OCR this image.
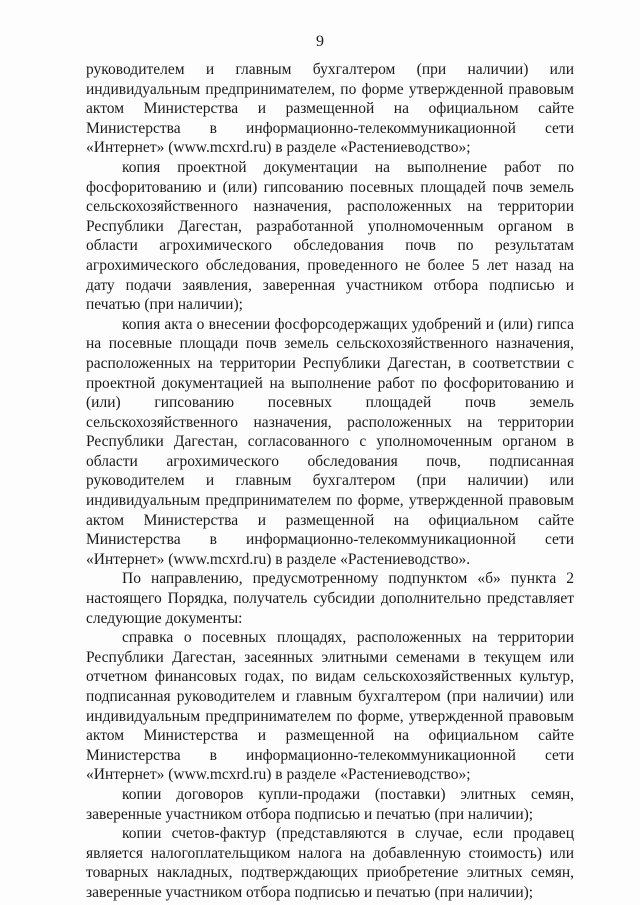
9

руководителем и главным бухгалтером (при наличии) или индивидуальным предпринимателем, по форме утвержденной правовым актом Министерства и размещенной на официальном сайте Министерства в информационно-телекоммуникационной сети «Интернет» (www.mcxrd.ru) в разделе «Растениеводство»;

копия проектной документации на выполнение работ по фосфоритованию и (или) гипсованию посевных площадей почв земель сельскохозяйственного назначения, расположенных на территории Республики Дагестан, разработанной уполномоченным органом в области агрохимического обследования почв по результатам агрохимического обследования, проведенного не более 5 лет назад на дату подачи заявления, заверенная участником отбора подписью и печатью (при наличии);

копия акта о внесении фосфорсодержащих удобрений и (или) гипса на посевные площади почв земель сельскохозяйственного назначения, расположенных на территории Республики Дагестан, в соответствии с проектной документацией на выполнение работ по фосфоритованию и (или) гипсованию посевных площадей почв земель сельскохозяйственного назначения, расположенных на территории Республики Дагестан, согласованного с уполномоченным органом в области агрохимического обследования почв, подписанная руководителем и главным бухгалтером (при наличии) или индивидуальным предпринимателем по форме, утвержденной правовым актом Министерства и размещенной на официальном сайте Министерства в информационно-телекоммуникационной сети «Интернет» (www.mcxrd.ru) в разделе «Растениеводство».

По направлению, предусмотренному подпунктом «б» пункта 2 настоящего Порядка, получатель субсидии дополнительно представляет следующие документы:

справка о посевных площадях, расположенных на территории Республики Дагестан, засеянных элитными семенами в текущем или отчетном финансовых годах, по видам сельскохозяйственных культур, подписанная руководителем и главным бухгалтером (при наличии) или индивидуальным предпринимателем по форме, утвержденной правовым актом Министерства и размещенной на официальном сайте Министерства в информационно-телекоммуникационной сети «Интернет» (www.mcxrd.ru) в разделе «Растениеводство»;

копии договоров купли-продажи (поставки) элитных семян, заверенные участником отбора подписью и печатью (при наличии);

копии счетов-фактур (представляются в случае, если продавец является налогоплательщиком налога на добавленную стоимость) или товарных накладных, подтверждающих приобретение элитных семян, заверенные участником отбора подписью и печатью (при наличии);
